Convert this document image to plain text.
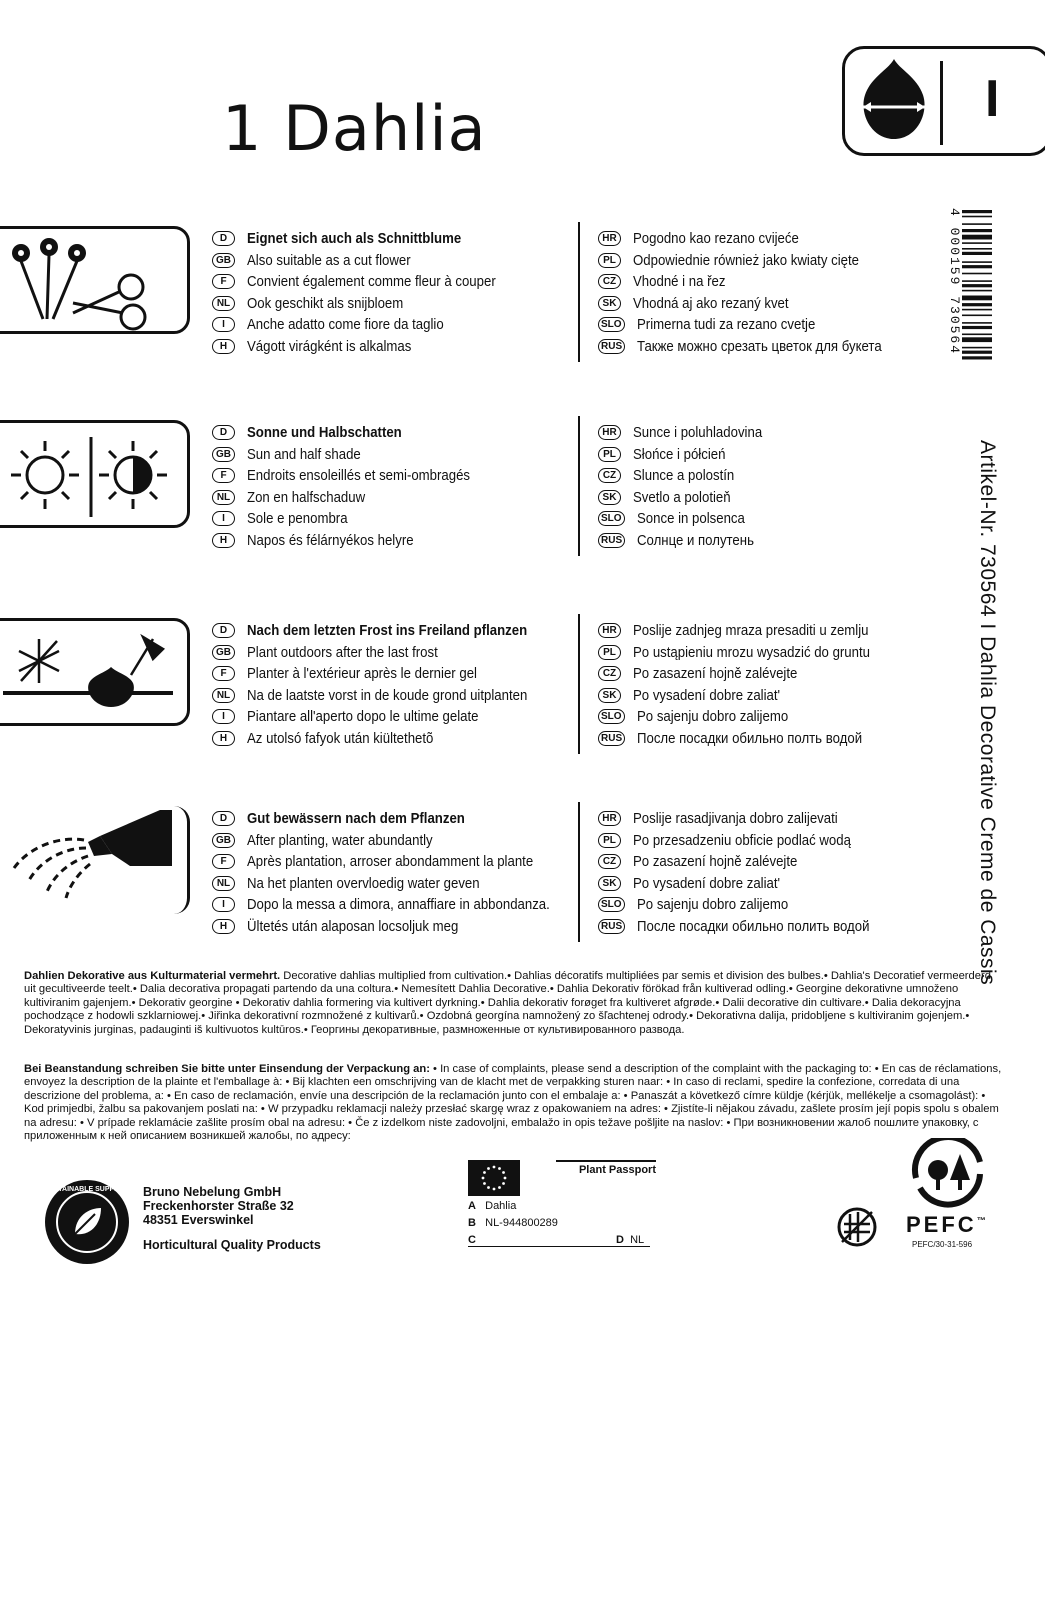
1 Dahlia	I
D	Eignet sich auch als Schnittblume
GB Also suitable as a cut flower
F	Convient également comme fleur à couper
NL	Ook geschikt als snijbloem
I	Anche adatto come fiore da taglio
H	Vágott virágként is alkalmas
HR Pogodno kao rezano cvijeće
PL	Odpowiednie również jako kwiaty cięte
CZ	Vhodné i na řez
SK	Vhodná aj ako rezaný kvet
SLO Primerna tudi za rezano cvetje
RUS Также можно срезать цветок для букета
D	Sonne und Halbschatten
GB Sun and half shade
F	Endroits ensoleillés et semi-ombragés
NL	Zon en halfschaduw
I	Sole e penombra
H	Napos és félárnyékos helyre
HR Sunce i poluhladovina
PL	Słońce i półcień
CZ	Slunce a polostín
SK	Svetlo a polotieň
SLO Sonce in polsenca
RUS Солнце и полутень
D	Nach dem letzten Frost ins Freiland pflanzen
GB Plant outdoors after the last frost
F	Planter à l'extérieur après le dernier gel
NL	Na de laatste vorst in de koude grond uitplanten
I	Piantare all'aperto dopo le ultime gelate
H	Az utolsó fafyok után kiültethetõ
HR Poslije zadnjeg mraza presaditi u zemlju
PL	Po ustąpieniu mrozu wysadzić do gruntu
CZ	Po zasazení hojně zalévejte
SK	Po vysadení dobre zaliat'
SLO Po sajenju dobro zalijemo
RUS После посадки обильно полть водой
D	Gut bewässern nach dem Pflanzen
GB After planting, water abundantly
F	Après plantation, arroser abondamment la plante
NL	Na het planten overvloedig water geven
I	Dopo la messa a dimora, annaffiare in abbondanza.
H	Ültetés után alaposan locsoljuk meg
HR Poslije rasadjivanja dobro zalijevati
PL	Po przesadzeniu obficie podlać wodą
CZ	Po zasazení hojně zalévejte
SK	Po vysadení dobre zaliat'
SLO Po sajenju dobro zalijemo
RUS После посадки обильно полить водой
4 000159 730564
Artikel-Nr. 730564 I Dahlia Decorative Creme de Cassis
Dahlien Dekorative aus Kulturmaterial vermehrt. Decorative dahlias multiplied from cultivation.• Dahlias décoratifs multipliées par semis et division des bulbes.• Dahlia's Decoratief vermeerderd uit gecultiveerde teelt.• Dalia decorativa propagati partendo da una coltura.• Nemesített Dahlia Decorative.• Dahlia Dekorativ förökad från kultiverad odling.• Georgine dekorativne umnoženo kultiviranim gajenjem.• Dekorativ georgine • Dekorativ dahlia formering via kultivert dyrkning.• Dahlia dekorativ forøget fra kultiveret afgrøde.• Dalii decorative din cultivare.• Dalia dekoracyjna pochodzące z hodowli szklarniowej.• Jiřinka dekorativní rozmnožené z kultivarů.• Ozdobná georgína namnožený zo šľachtenej odrody.• Dekorativna dalija, pridobljene s kultiviranim gojenjem.• Dekoratyvinis jurginas, padauginti iš kultivuotos kultūros.• Георгины декоративные, размноженные от культивированного развода.
Bei Beanstandung schreiben Sie bitte unter Einsendung der Verpackung an: • In case of complaints, please send a description of the complaint with the packaging to: • En cas de réclamations, envoyez la description de la plainte et l'emballage à: • Bij klachten een omschrijving van de klacht met de verpakking sturen naar: • In caso di reclami, spedire la confezione, corredata di una descrizione del problema, a: • En caso de reclamación, envíe una descripción de la reclamación junto con el embalaje a: • Panaszát a következő címre küldje (kérjük, mellékelje a csomagolást): • Kod primjedbi, žalbu sa pakovanjem poslati na: • W przypadku reklamacji należy przesłać skargę wraz z opakowaniem na adres: • Zjistíte-li nějakou závadu, zašlete prosím její popis spolu s obalem na adresu: • V prípade reklamácie zašlite prosím obal na adresu: • Če z izdelkom niste zadovoljni, embalažo in opis težave pošljite na naslov: • При возникновении жалоб пошлите упаковку, с приложенным к ней описанием возникшей жалобы, по адресу:
SUSTAINABLE SUPPLIER Bruno Nebelung GmbH
Freckenhorster Straße 32
48351 Everswinkel
Horticultural Quality Products
Plant Passport
A Dahlia
B NL-944800289
C	D NL
PEFC™
PEFC/30-31-596
